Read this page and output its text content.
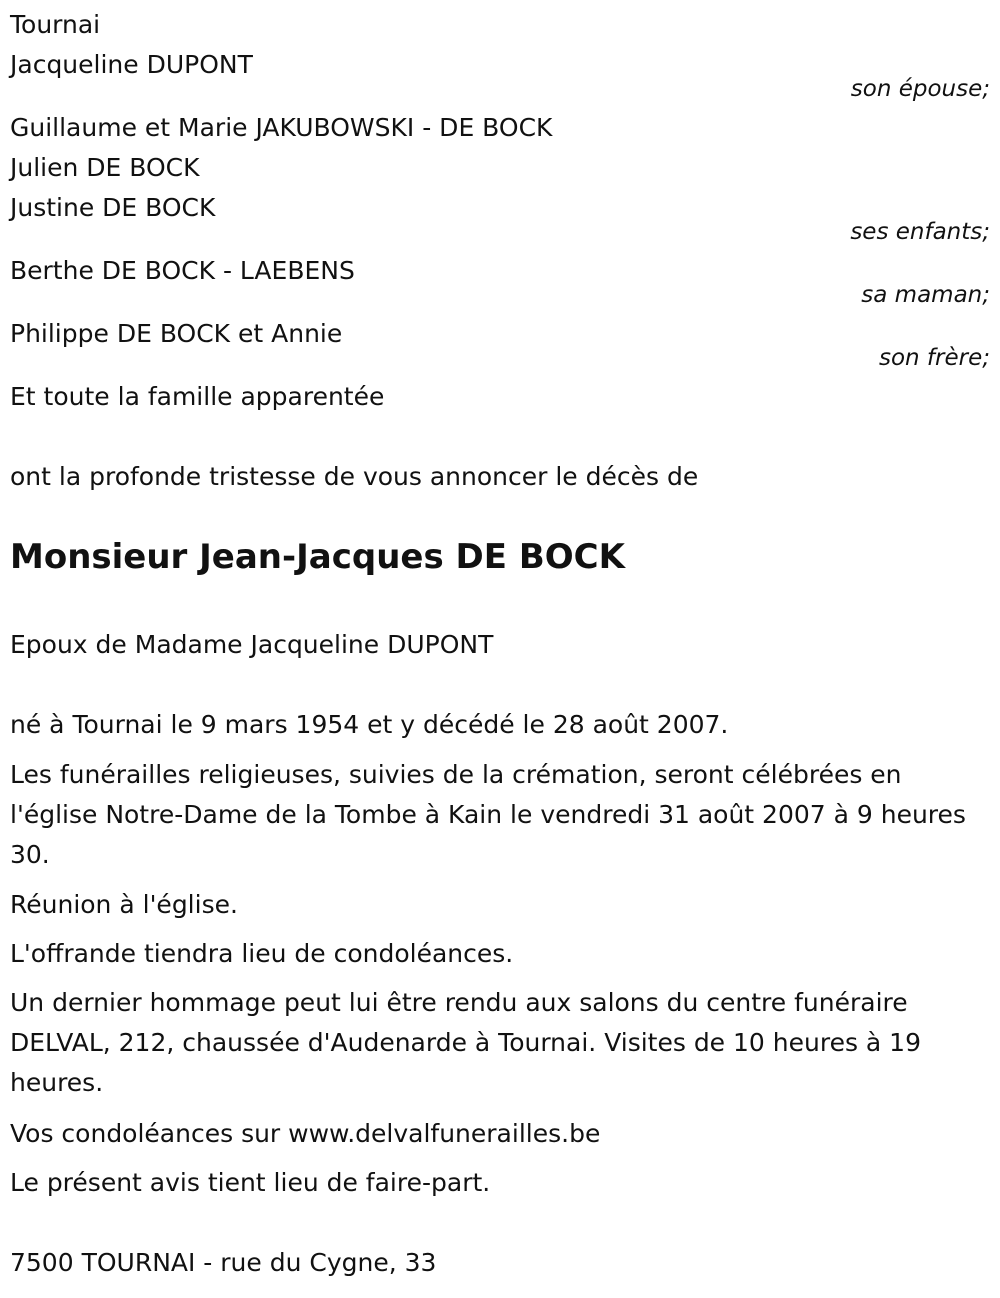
Tournai
Jacqueline DUPONT
son épouse;
Guillaume et Marie JAKUBOWSKI - DE BOCK
Julien DE BOCK
Justine DE BOCK
ses enfants;
Berthe DE BOCK - LAEBENS
sa maman;
Philippe DE BOCK et Annie
son frère;
Et toute la famille apparentée
ont la profonde tristesse de vous annoncer le décès de
Monsieur Jean-Jacques DE BOCK
Epoux de Madame Jacqueline DUPONT
né à Tournai le 9 mars 1954 et y décédé le 28 août 2007.
Les funérailles religieuses, suivies de la crémation, seront célébrées en l'église Notre-Dame de la Tombe à Kain le vendredi 31 août 2007 à 9 heures 30.
Réunion à l'église.
L'offrande tiendra lieu de condoléances.
Un dernier hommage peut lui être rendu aux salons du centre funéraire DELVAL, 212, chaussée d'Audenarde à Tournai. Visites de 10 heures à 19 heures.
Vos condoléances sur www.delvalfunerailles.be
Le présent avis tient lieu de faire-part.
7500 TOURNAI - rue du Cygne, 33
